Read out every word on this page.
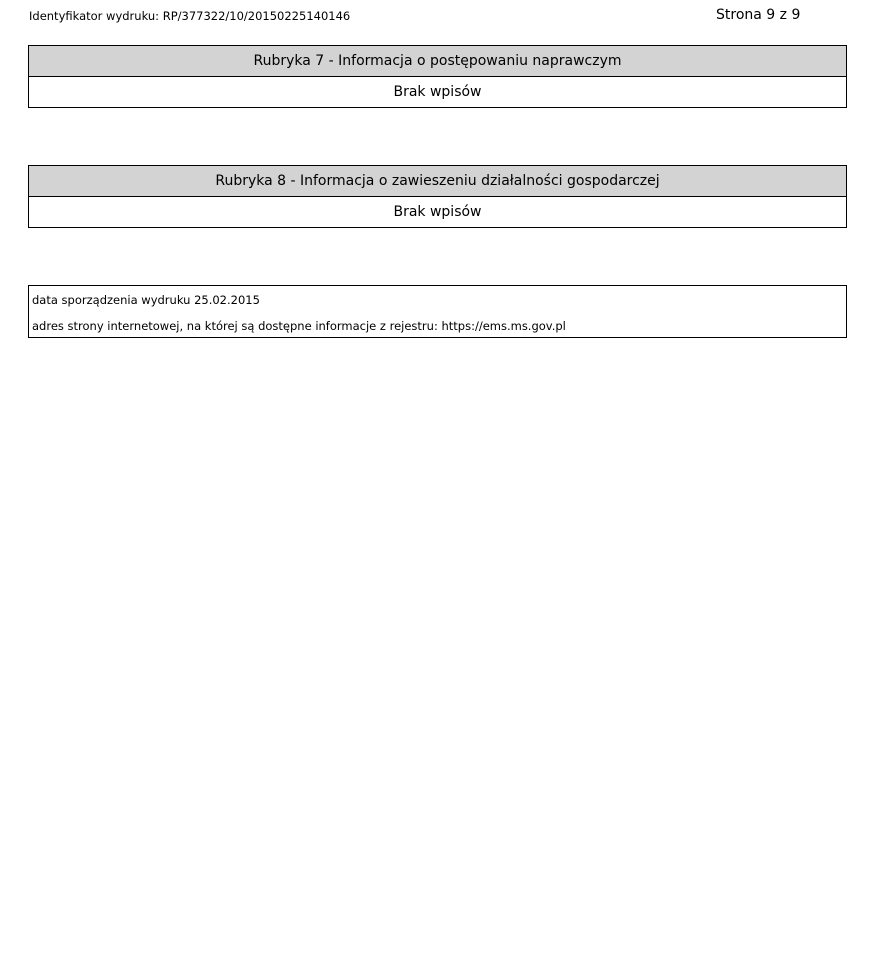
Identyfikator wydruku: RP/377322/10/20150225140146	Strona 9 z 9
Rubryka 7 - Informacja o postępowaniu naprawczym
Brak wpisów
Rubryka 8 - Informacja o zawieszeniu działalności gospodarczej
Brak wpisów
data sporządzenia wydruku 25.02.2015
adres strony internetowej, na której są dostępne informacje z rejestru: https://ems.ms.gov.pl
